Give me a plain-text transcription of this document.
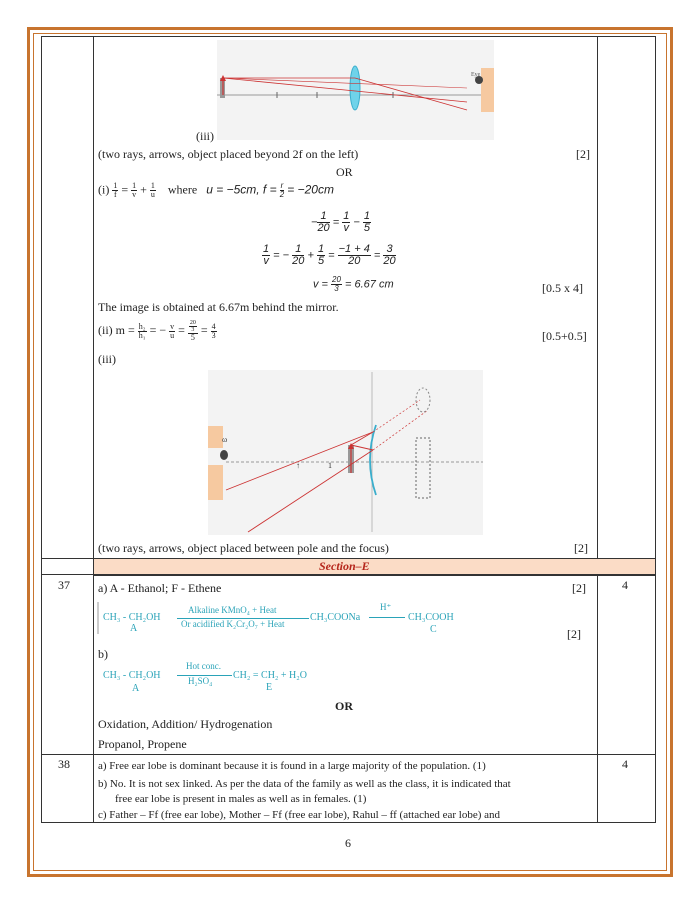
Eye
(iii)
(two rays, arrows, object placed beyond 2f on the left)	[2]
OR
$(i) \frac{1}{f} = \frac{1}{v} + \frac{1}{u}$ where u = −5cm, $f = \frac{r}{2} = -20cm$
− $\frac{1}{20} = \frac{1}{v} - \frac{1}{5}$
$\frac{1}{v}$ = − $\frac{1}{20} + \frac{1}{5} = \frac{-1 + 4}{20} = \frac{3}{20}$
$v = \frac{20}{3} = 6.67$ cm	[0.5 x 4]
The image is obtained at 6.67m behind the mirror.
(ii) $m = \frac{\text{h₂}}{\text{h₁}}$ = − $\frac{v}{u} = \frac{\frac{20}{3}}{5} = \frac{4}{3}$	[0.5+0.5]
(iii)
ω
1
↑
(two rays, arrows, object placed between pole and the focus)	[2]
Section–E
37	4
a) A - Ethanol; F - Ethene	[2]
CH₃ - CH₂OH
A
Alkaline KMnO₄ + Heat
Or acidified K₂Cr₂O₇ + Heat
CH₃COONa
H⁺
CH₃COOH
C	[2]
b)
CH₃ - CH₂OH
A
Hot conc.
H₂SO₄ CH₂ = CH₂ + H₂O
E
OR
Oxidation, Addition/ Hydrogenation
Propanol, Propene
38	4
a) Free ear lobe is dominant because it is found in a large majority of the population. (1)
b) No. It is not sex linked. As per the data of the family as well as the class, it is indicated that
free ear lobe is present in males as well as in females. (1)
c) Father – Ff (free ear lobe), Mother – Ff (free ear lobe), Rahul – ff (attached ear lobe) and
6
